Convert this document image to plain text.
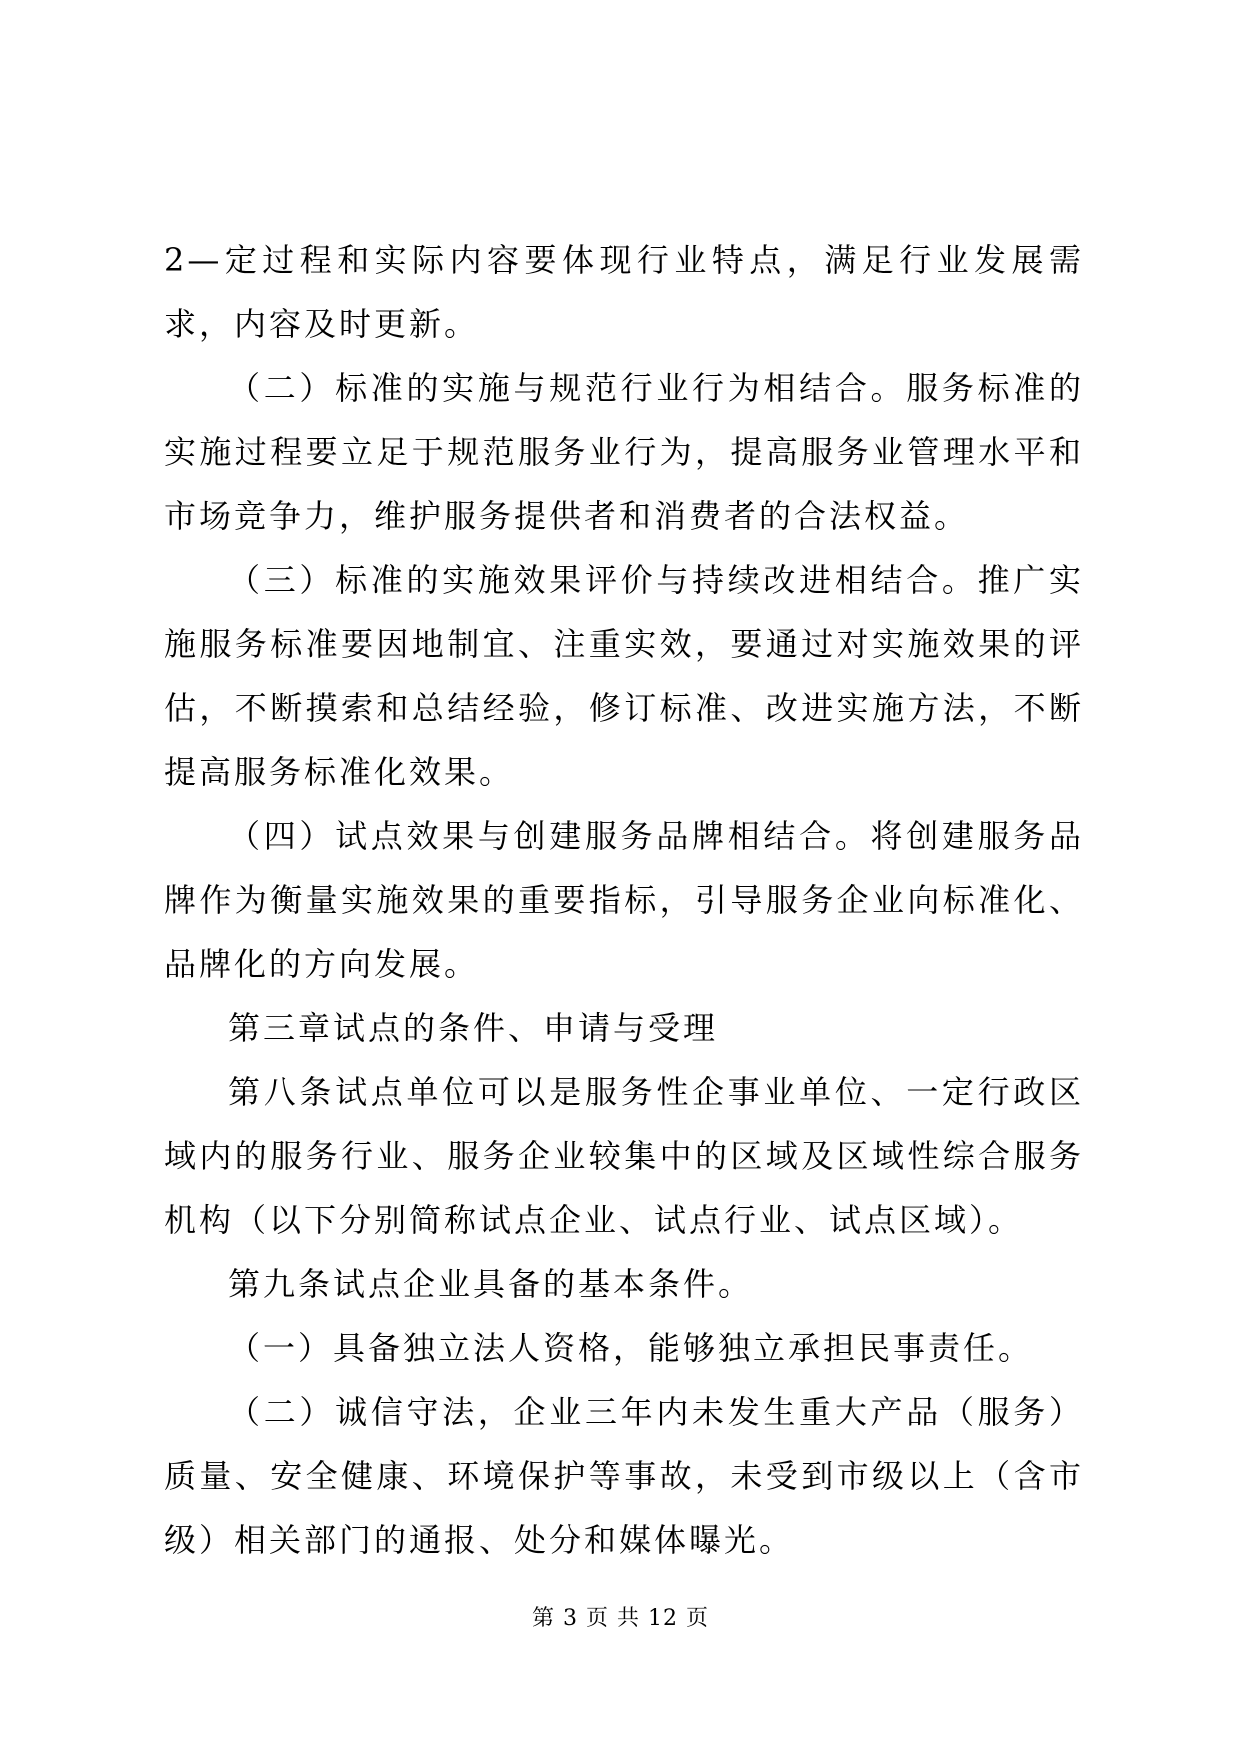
2—定过程和实际内容要体现行业特点，满足行业发展需求，内容及时更新。

（二）标准的实施与规范行业行为相结合。服务标准的实施过程要立足于规范服务业行为，提高服务业管理水平和市场竞争力，维护服务提供者和消费者的合法权益。

（三）标准的实施效果评价与持续改进相结合。推广实施服务标准要因地制宜、注重实效，要通过对实施效果的评估，不断摸索和总结经验，修订标准、改进实施方法，不断提高服务标准化效果。

（四）试点效果与创建服务品牌相结合。将创建服务品牌作为衡量实施效果的重要指标，引导服务企业向标准化、品牌化的方向发展。

第三章试点的条件、申请与受理

第八条试点单位可以是服务性企事业单位、一定行政区域内的服务行业、服务企业较集中的区域及区域性综合服务机构（以下分别简称试点企业、试点行业、试点区域）。

第九条试点企业具备的基本条件。

（一）具备独立法人资格，能够独立承担民事责任。

（二）诚信守法，企业三年内未发生重大产品（服务）质量、安全健康、环境保护等事故，未受到市级以上（含市级）相关部门的通报、处分和媒体曝光。

第 3 页 共 12 页
